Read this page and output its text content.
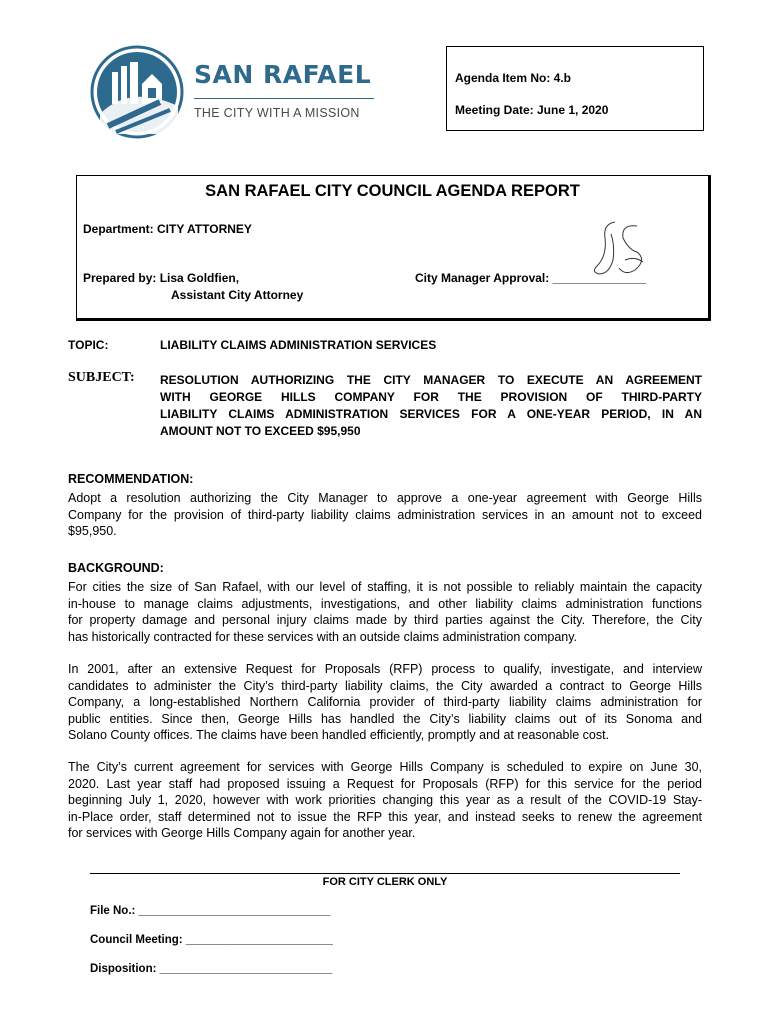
SAN RAFAEL
THE CITY WITH A MISSION
Agenda Item No: 4.b
Meeting Date: June 1, 2020
SAN RAFAEL CITY COUNCIL AGENDA REPORT
Department: CITY ATTORNEY
Prepared by: Lisa Goldfien,
Assistant City Attorney
City Manager Approval: ______________
TOPIC:	LIABILITY CLAIMS ADMINISTRATION SERVICES
SUBJECT: RESOLUTION AUTHORIZING THE CITY MANAGER TO EXECUTE AN AGREEMENT
WITH GEORGE HILLS COMPANY FOR THE PROVISION OF THIRD-PARTY
LIABILITY CLAIMS ADMINISTRATION SERVICES FOR A ONE-YEAR PERIOD, IN AN
AMOUNT NOT TO EXCEED $95,950
RECOMMENDATION:
Adopt a resolution authorizing the City Manager to approve a one-year agreement with George Hills
Company for the provision of third-party liability claims administration services in an amount not to exceed
$95,950.
BACKGROUND:
For cities the size of San Rafael, with our level of staffing, it is not possible to reliably maintain the capacity
in-house to manage claims adjustments, investigations, and other liability claims administration functions
for property damage and personal injury claims made by third parties against the City. Therefore, the City
has historically contracted for these services with an outside claims administration company.
In 2001, after an extensive Request for Proposals (RFP) process to qualify, investigate, and interview
candidates to administer the City’s third-party liability claims, the City awarded a contract to George Hills
Company, a long-established Northern California provider of third-party liability claims administration for
public entities. Since then, George Hills has handled the City’s liability claims out of its Sonoma and
Solano County offices. The claims have been handled efficiently, promptly and at reasonable cost.
The City’s current agreement for services with George Hills Company is scheduled to expire on June 30,
2020. Last year staff had proposed issuing a Request for Proposals (RFP) for this service for the period
beginning July 1, 2020, however with work priorities changing this year as a result of the COVID-19 Stay-
in-Place order, staff determined not to issue the RFP this year, and instead seeks to renew the agreement
for services with George Hills Company again for another year.
FOR CITY CLERK ONLY
File No.: ______________________________
Council Meeting: _______________________
Disposition: ___________________________
